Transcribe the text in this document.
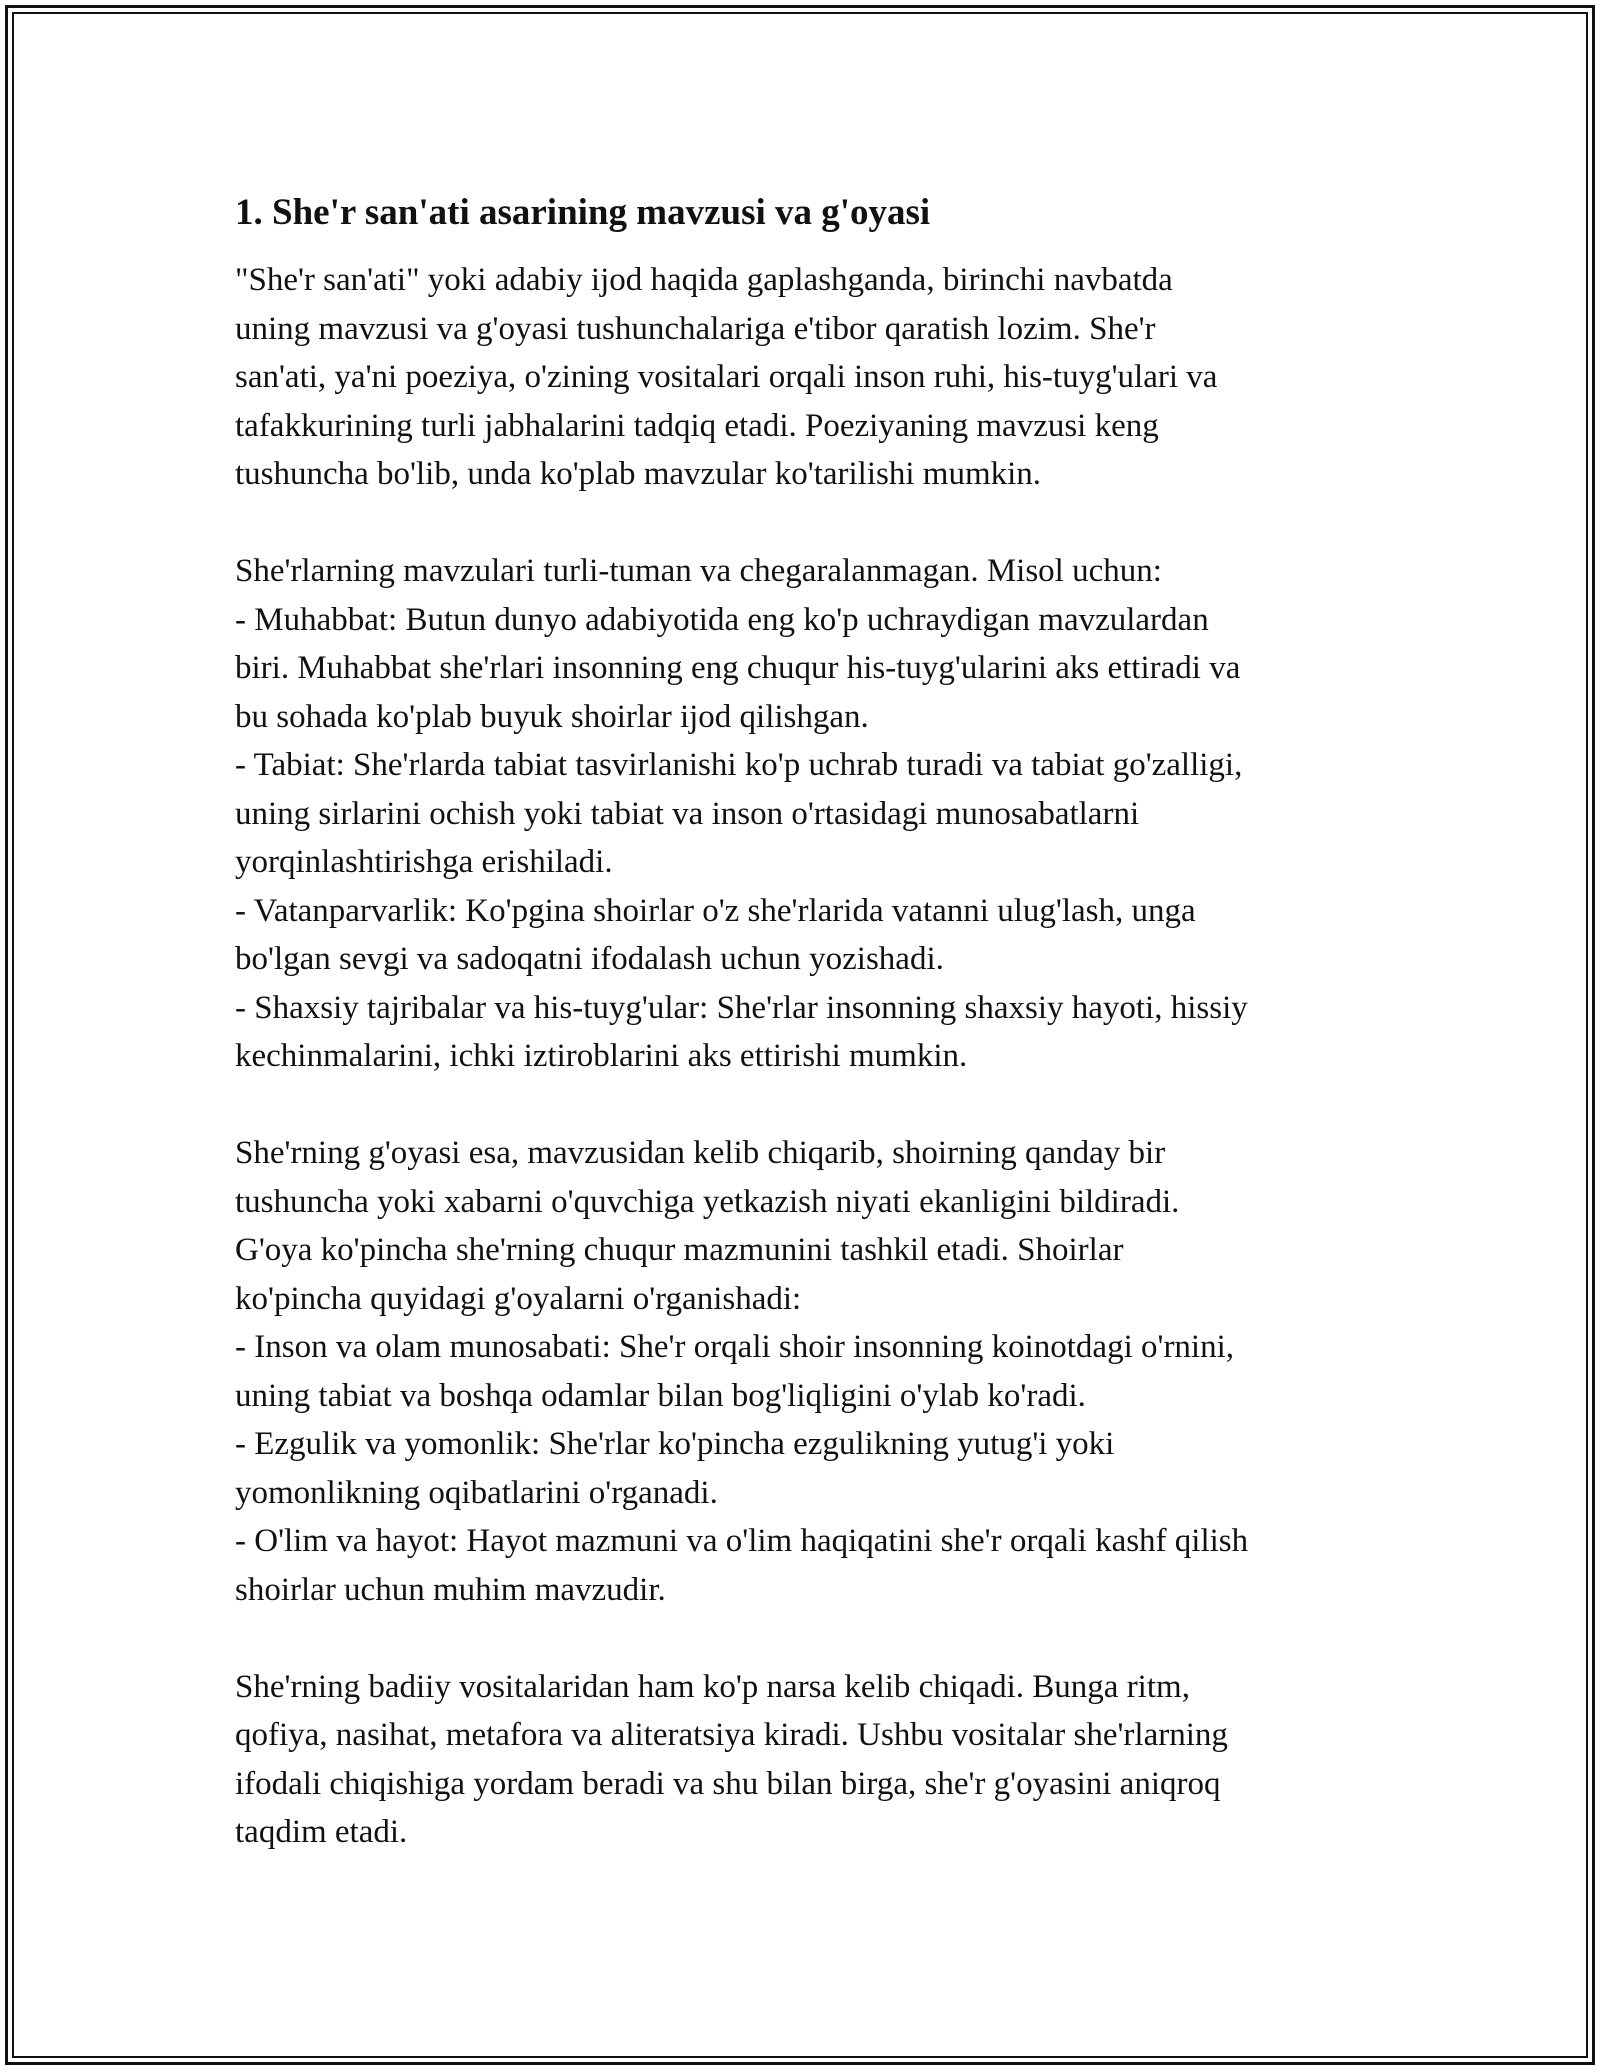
1. She'r san'ati asarining mavzusi va g'oyasi

"She'r san'ati" yoki adabiy ijod haqida gaplashganda, birinchi navbatda
uning mavzusi va g'oyasi tushunchalariga e'tibor qaratish lozim. She'r
san'ati, ya'ni poeziya, o'zining vositalari orqali inson ruhi, his-tuyg'ulari va
tafakkurining turli jabhalarini tadqiq etadi. Poeziyaning mavzusi keng
tushuncha bo'lib, unda ko'plab mavzular ko'tarilishi mumkin.

She'rlarning mavzulari turli-tuman va chegaralanmagan. Misol uchun:
- Muhabbat: Butun dunyo adabiyotida eng ko'p uchraydigan mavzulardan
biri. Muhabbat she'rlari insonning eng chuqur his-tuyg'ularini aks ettiradi va
bu sohada ko'plab buyuk shoirlar ijod qilishgan.
- Tabiat: She'rlarda tabiat tasvirlanishi ko'p uchrab turadi va tabiat go'zalligi,
uning sirlarini ochish yoki tabiat va inson o'rtasidagi munosabatlarni
yorqinlashtirishga erishiladi.
- Vatanparvarlik: Ko'pgina shoirlar o'z she'rlarida vatanni ulug'lash, unga
bo'lgan sevgi va sadoqatni ifodalash uchun yozishadi.
- Shaxsiy tajribalar va his-tuyg'ular: She'rlar insonning shaxsiy hayoti, hissiy
kechinmalarini, ichki iztiroblarini aks ettirishi mumkin.

She'rning g'oyasi esa, mavzusidan kelib chiqarib, shoirning qanday bir
tushuncha yoki xabarni o'quvchiga yetkazish niyati ekanligini bildiradi.
G'oya ko'pincha she'rning chuqur mazmunini tashkil etadi. Shoirlar
ko'pincha quyidagi g'oyalarni o'rganishadi:
- Inson va olam munosabati: She'r orqali shoir insonning koinotdagi o'rnini,
uning tabiat va boshqa odamlar bilan bog'liqligini o'ylab ko'radi.
- Ezgulik va yomonlik: She'rlar ko'pincha ezgulikning yutug'i yoki
yomonlikning oqibatlarini o'rganadi.
- O'lim va hayot: Hayot mazmuni va o'lim haqiqatini she'r orqali kashf qilish
shoirlar uchun muhim mavzudir.

She'rning badiiy vositalaridan ham ko'p narsa kelib chiqadi. Bunga ritm,
qofiya, nasihat, metafora va aliteratsiya kiradi. Ushbu vositalar she'rlarning
ifodali chiqishiga yordam beradi va shu bilan birga, she'r g'oyasini aniqroq
taqdim etadi.
